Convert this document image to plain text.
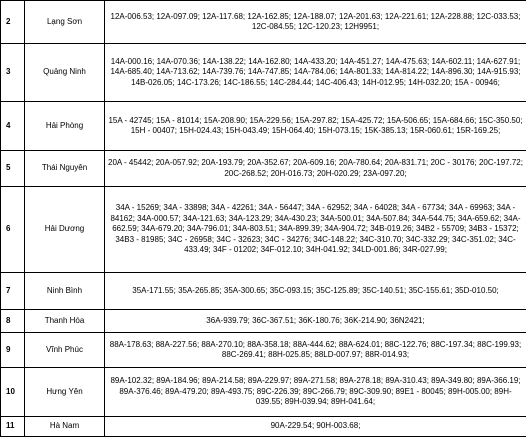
2	Lạng Sơn	12A-006.53; 12A-097.09; 12A-117.68; 12A-162.85; 12A-188.07; 12A-201.63; 12A-221.61; 12A-228.88; 12C-033.53; 12C-084.55; 12C-120.23; 12H9951;
3	Quảng Ninh	14A-000.16; 14A-070.36; 14A-138.22; 14A-162.80; 14A-433.20; 14A-451.27; 14A-475.63; 14A-602.11; 14A-627.91; 14A-685.40; 14A-713.62; 14A-739.76; 14A-747.85; 14A-784.06; 14A-801.33; 14A-814.22; 14A-896.30; 14A-915.93; 14B-026.05; 14C-173.26; 14C-186.55; 14C-284.44; 14C-406.43; 14H-012.95; 14H-032.20; 15A - 00946;
4	Hải Phòng	15A - 42745; 15A - 81014; 15A-208.90; 15A-229.56; 15A-297.82; 15A-425.72; 15A-506.65; 15A-684.66; 15C-350.50; 15H - 00407; 15H-024.43; 15H-043.49; 15H-064.40; 15H-073.15; 15K-385.13; 15R-060.61; 15R-169.25;
5	Thái Nguyên	20A - 45442; 20A-057.92; 20A-193.79; 20A-352.67; 20A-609.16; 20A-780.64; 20A-831.71; 20C - 30176; 20C-197.72; 20C-268.52; 20H-016.73; 20H-020.29; 23A-097.20;
6	Hải Dương	34A - 15269; 34A - 33898; 34A - 42261; 34A - 56447; 34A - 62952; 34A - 64028; 34A - 67734; 34A - 69963; 34A - 84162; 34A-000.57; 34A-121.63; 34A-123.29; 34A-430.23; 34A-500.01; 34A-507.84; 34A-544.75; 34A-659.62; 34A-662.59; 34A-679.20; 34A-796.01; 34A-803.51; 34A-899.39; 34A-904.72; 34B-019.26; 34B2 - 55709; 34B3 - 15372; 34B3 - 81985; 34C - 26958; 34C - 32623; 34C - 34276; 34C-148.22; 34C-310.70; 34C-332.29; 34C-351.02; 34C-433.49; 34F - 01202; 34F-012.10; 34H-041.92; 34LD-001.86; 34R-027.99;
7	Ninh Bình	35A-171.55; 35A-265.85; 35A-300.65; 35C-093.15; 35C-125.89; 35C-140.51; 35C-155.61; 35D-010.50;
8	Thanh Hóa	36A-939.79; 36C-367.51; 36K-180.76; 36K-214.90; 36N2421;
9	Vĩnh Phúc	88A-178.63; 88A-227.56; 88A-270.10; 88A-358.18; 88A-444.62; 88A-624.01; 88C-122.76; 88C-197.34; 88C-199.93; 88C-269.41; 88H-025.85; 88LD-007.97; 88R-014.93;
10	Hưng Yên	89A-102.32; 89A-184.96; 89A-214.58; 89A-229.97; 89A-271.58; 89A-278.18; 89A-310.43; 89A-349.80; 89A-366.19; 89A-376.46; 89A-479.20; 89A-493.75; 89C-226.39; 89C-266.79; 89C-309.90; 89E1 - 80045; 89H-005.00; 89H-039.55; 89H-039.94; 89H-041.64;
11	Hà Nam	90A-229.54; 90H-003.68;
